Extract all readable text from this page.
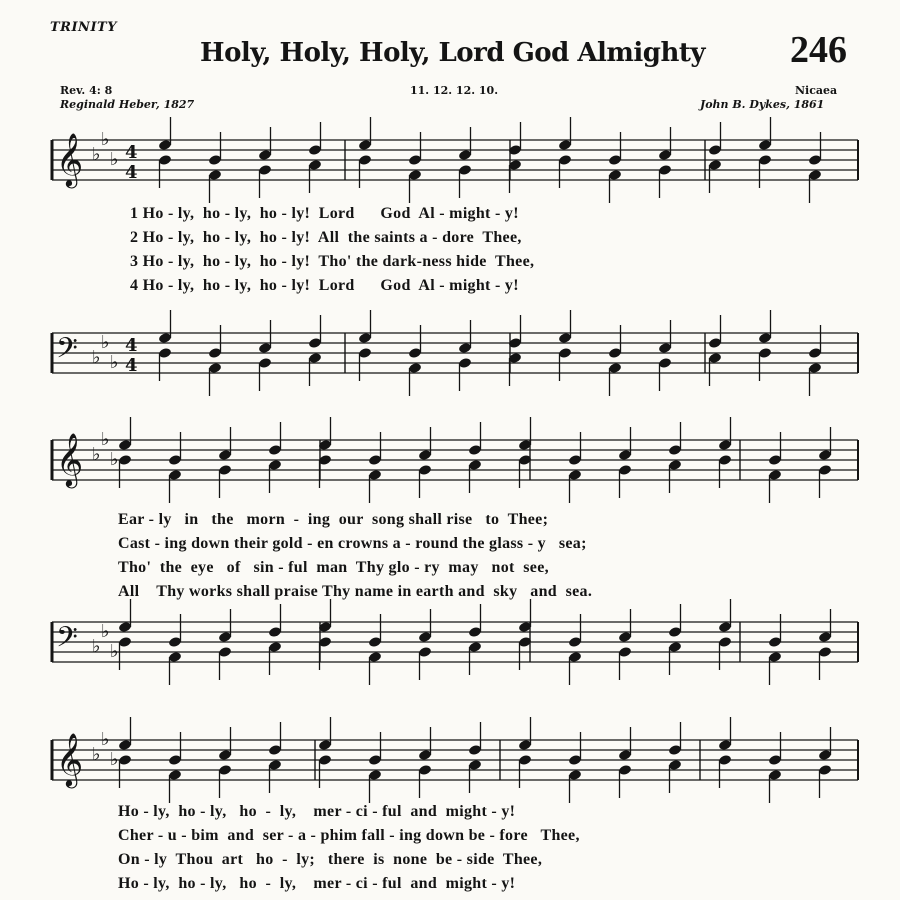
TRINITY
Holy, Holy, Holy, Lord God Almighty 246
Rev. 4: 8	11. 12. 12. 10.	Nicaea
Reginald Heber, 1827	John B. Dykes, 1861
𝄞 ♭
♭
♭ 4
4
𝄢 ♭
♭
♭
4
4
𝄞 ♭
♭
♭
𝄢 ♭
♭
♭
𝄞 ♭
♭
♭
1 Ho - ly,  ho - ly,  ho - ly!  Lord      God  Al - might - y!
2 Ho - ly,  ho - ly,  ho - ly!  All  the saints a - dore  Thee,
3 Ho - ly,  ho - ly,  ho - ly!  Tho' the dark-ness hide  Thee,
4 Ho - ly,  ho - ly,  ho - ly!  Lord      God  Al - might - y!
Ear - ly   in   the   morn  -  ing  our  song shall rise   to  Thee;
Cast - ing down their gold - en crowns a - round the glass - y   sea;
Tho'  the  eye   of   sin - ful  man  Thy glo - ry  may   not  see,
All    Thy works shall praise Thy name in earth and  sky   and  sea.
Ho - ly,  ho - ly,   ho  -  ly,    mer - ci - ful  and  might - y!
Cher - u - bim  and  ser - a - phim fall - ing down be - fore   Thee,
On - ly  Thou  art   ho  -  ly;   there  is  none  be - side  Thee,
Ho - ly,  ho - ly,   ho  -  ly,    mer - ci - ful  and  might - y!
